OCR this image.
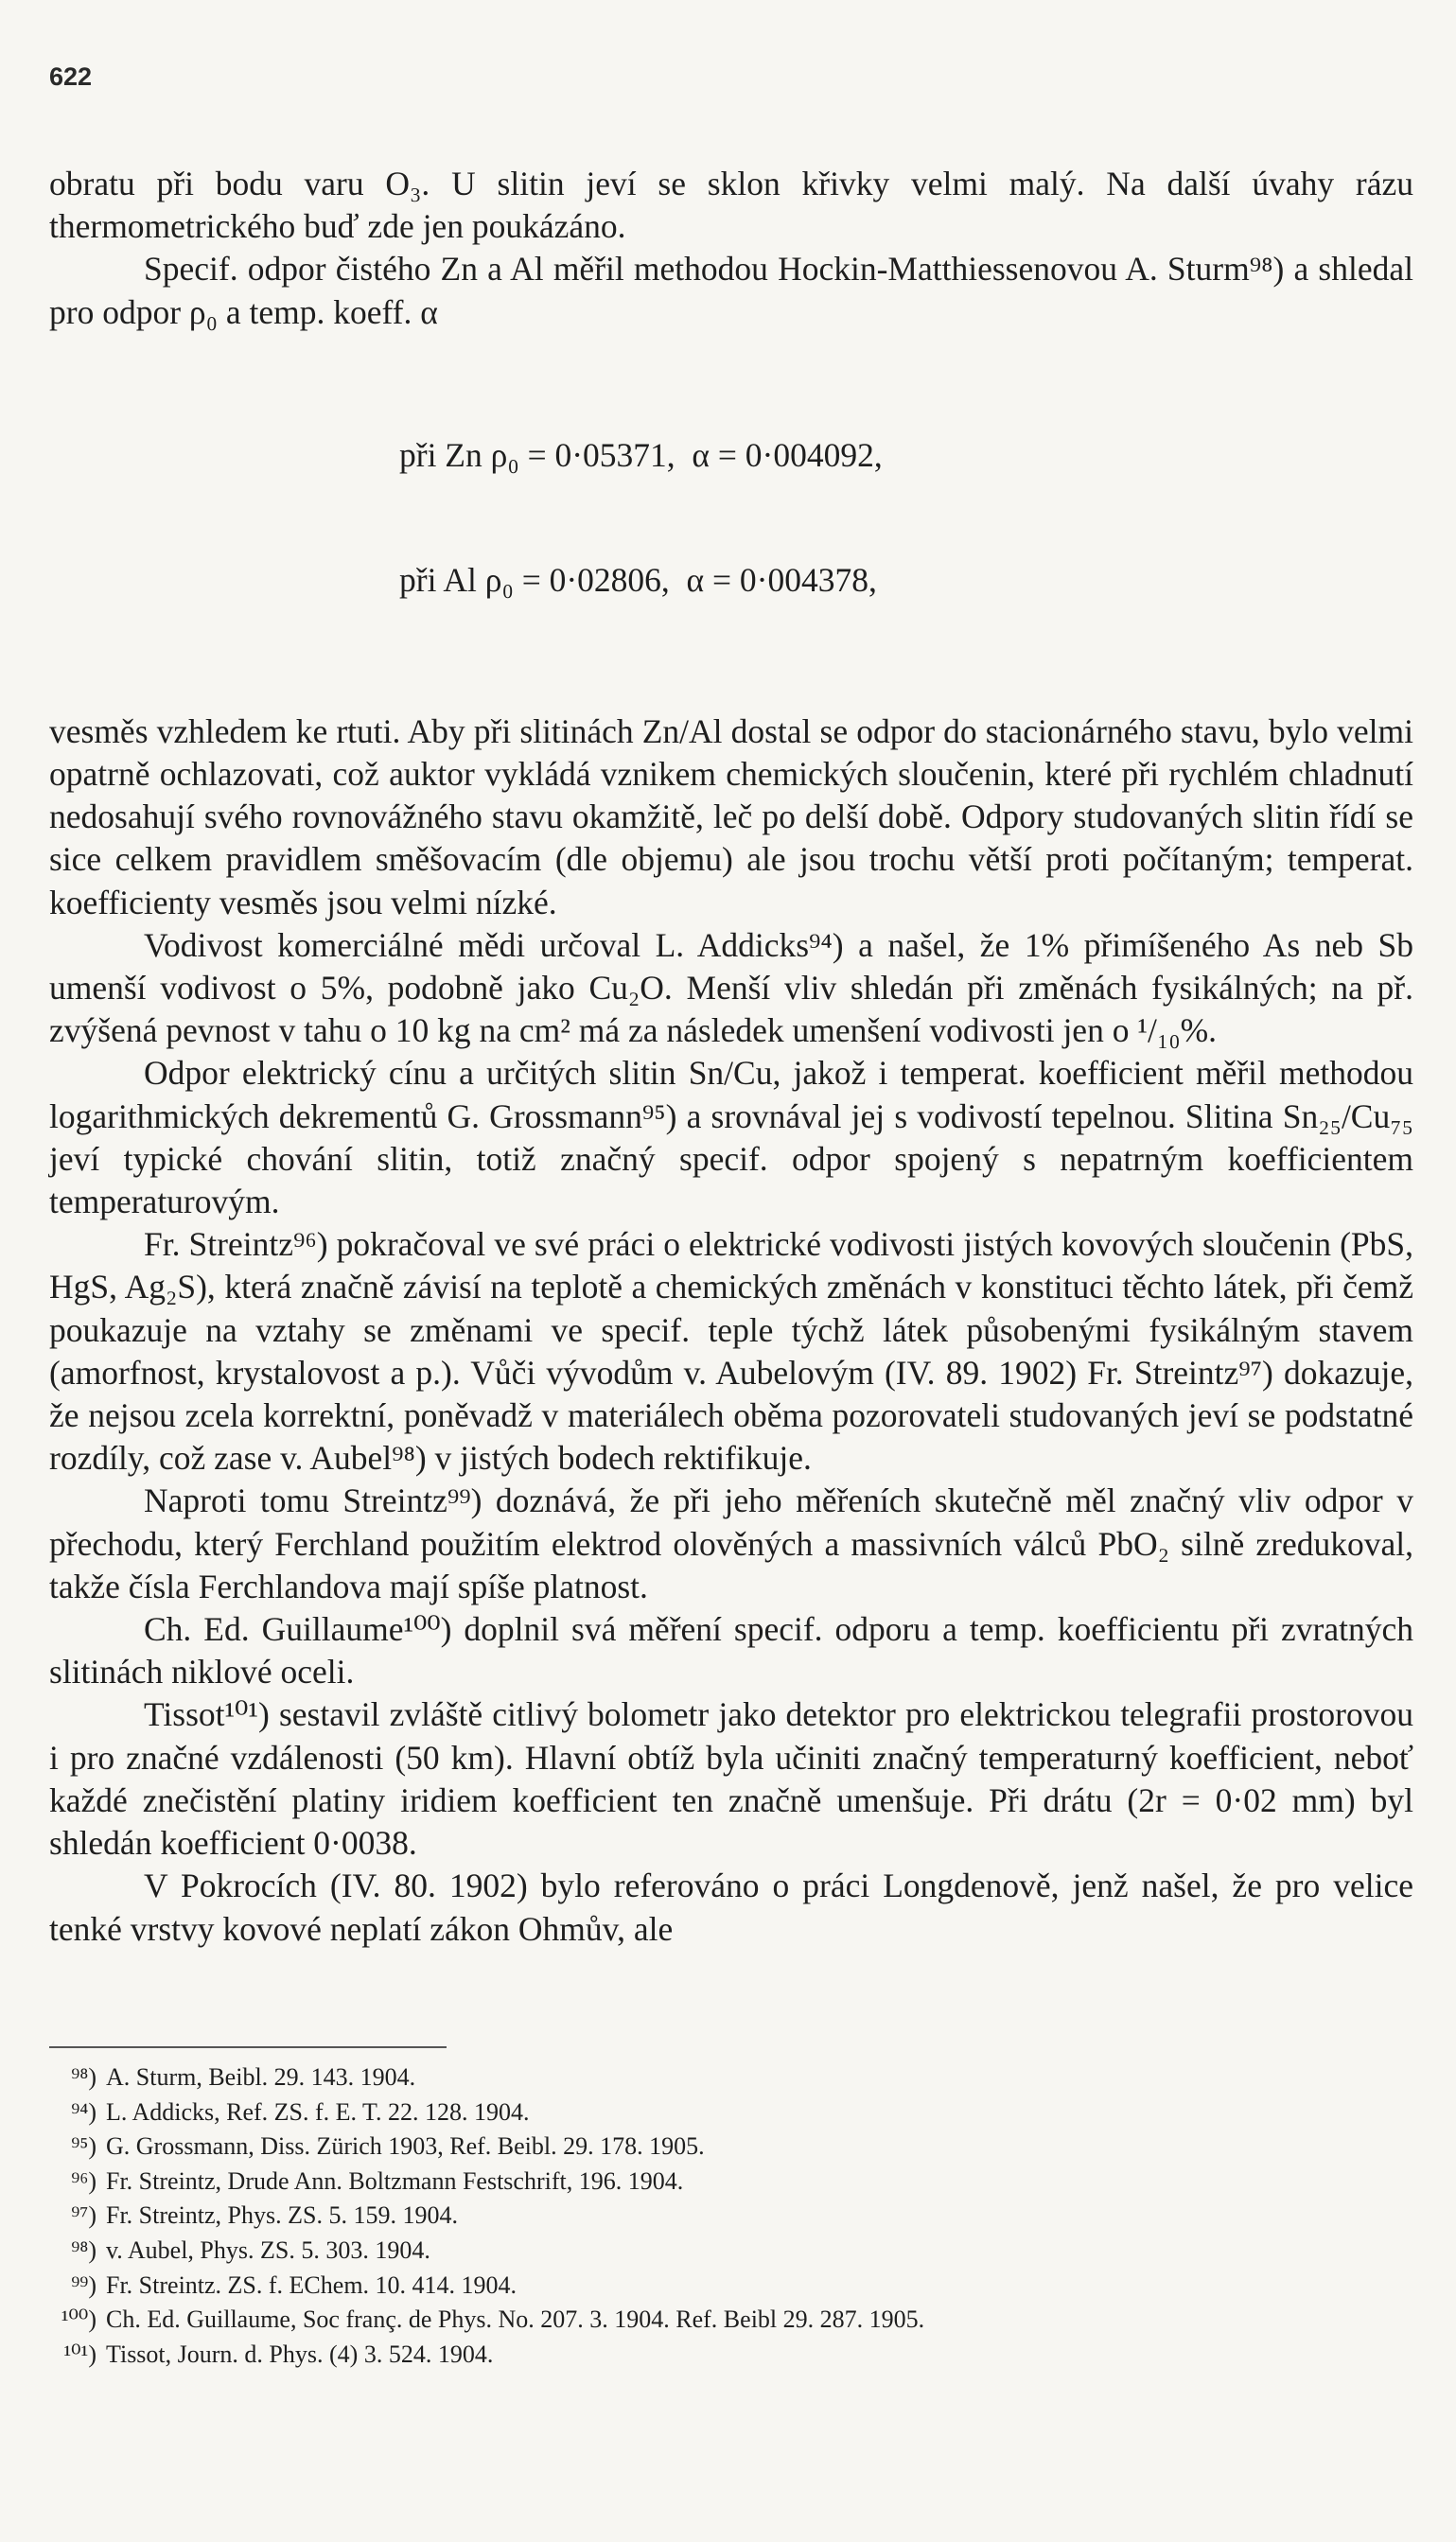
622

obratu při bodu varu O₃. U slitin jeví se sklon křivky velmi malý. Na další úvahy rázu thermometrického buď zde jen poukázáno.

Specif. odpor čistého Zn a Al měřil methodou Hockin-Matthiessenovou A. Sturm⁹⁸) a shledal pro odpor ρ₀ a temp. koeff. α

při Zn ρ₀ = 0·05371,  α = 0·004092,

při Al ρ₀ = 0·02806,  α = 0·004378,

vesměs vzhledem ke rtuti. Aby při slitinách Zn/Al dostal se odpor do stacionárného stavu, bylo velmi opatrně ochlazovati, což auktor vykládá vznikem chemických sloučenin, které při rychlém chladnutí nedosahují svého rovnovážného stavu okamžitě, leč po delší době. Odpory studovaných slitin řídí se sice celkem pravidlem směšovacím (dle objemu) ale jsou trochu větší proti počítaným; temperat. koefficienty vesměs jsou velmi nízké.

Vodivost komerciálné mědi určoval L. Addicks⁹⁴) a našel, že 1% přimíšeného As neb Sb umenší vodivost o 5%, podobně jako Cu₂O. Menší vliv shledán při změnách fysikálných; na př. zvýšená pevnost v tahu o 10 kg na cm² má za následek umenšení vodivosti jen o ¹/₁₀%.

Odpor elektrický cínu a určitých slitin Sn/Cu, jakož i temperat. koefficient měřil methodou logarithmických dekrementů G. Grossmann⁹⁵) a srovnával jej s vodivostí tepelnou. Slitina Sn₂₅/Cu₇₅ jeví typické chování slitin, totiž značný specif. odpor spojený s nepatrným koefficientem temperaturovým.

Fr. Streintz⁹⁶) pokračoval ve své práci o elektrické vodivosti jistých kovových sloučenin (PbS, HgS, Ag₂S), která značně závisí na teplotě a chemických změnách v konstituci těchto látek, při čemž poukazuje na vztahy se změnami ve specif. teple týchž látek působenými fysikálným stavem (amorfnost, krystalovost a p.). Vůči vývodům v. Aubelovým (IV. 89. 1902) Fr. Streintz⁹⁷) dokazuje, že nejsou zcela korrektní, poněvadž v materiálech oběma pozorovateli studovaných jeví se podstatné rozdíly, což zase v. Aubel⁹⁸) v jistých bodech rektifikuje.

Naproti tomu Streintz⁹⁹) doznává, že při jeho měřeních skutečně měl značný vliv odpor v přechodu, který Ferchland použitím elektrod olověných a massivních válců PbO₂ silně zredukoval, takže čísla Ferchlandova mají spíše platnost.

Ch. Ed. Guillaume¹⁰⁰) doplnil svá měření specif. odporu a temp. koefficientu při zvratných slitinách niklové oceli.

Tissot¹⁰¹) sestavil zvláště citlivý bolometr jako detektor pro elektrickou telegrafii prostorovou i pro značné vzdálenosti (50 km). Hlavní obtíž byla učiniti značný temperaturný koefficient, neboť každé znečistění platiny iridiem koefficient ten značně umenšuje. Při drátu (2r = 0·02 mm) byl shledán koefficient 0·0038.

V Pokrocích (IV. 80. 1902) bylo referováno o práci Longdenově, jenž našel, že pro velice tenké vrstvy kovové neplatí zákon Ohmův, ale

⁹⁸) A. Sturm, Beibl. 29. 143. 1904.
⁹⁴) L. Addicks, Ref. ZS. f. E. T. 22. 128. 1904.
⁹⁵) G. Grossmann, Diss. Zürich 1903, Ref. Beibl. 29. 178. 1905.
⁹⁶) Fr. Streintz, Drude Ann. Boltzmann Festschrift, 196. 1904.
⁹⁷) Fr. Streintz, Phys. ZS. 5. 159. 1904.
⁹⁸) v. Aubel, Phys. ZS. 5. 303. 1904.
⁹⁹) Fr. Streintz. ZS. f. EChem. 10. 414. 1904.
¹⁰⁰) Ch. Ed. Guillaume, Soc franç. de Phys. No. 207. 3. 1904. Ref. Beibl 29. 287. 1905.
¹⁰¹) Tissot, Journ. d. Phys. (4) 3. 524. 1904.
